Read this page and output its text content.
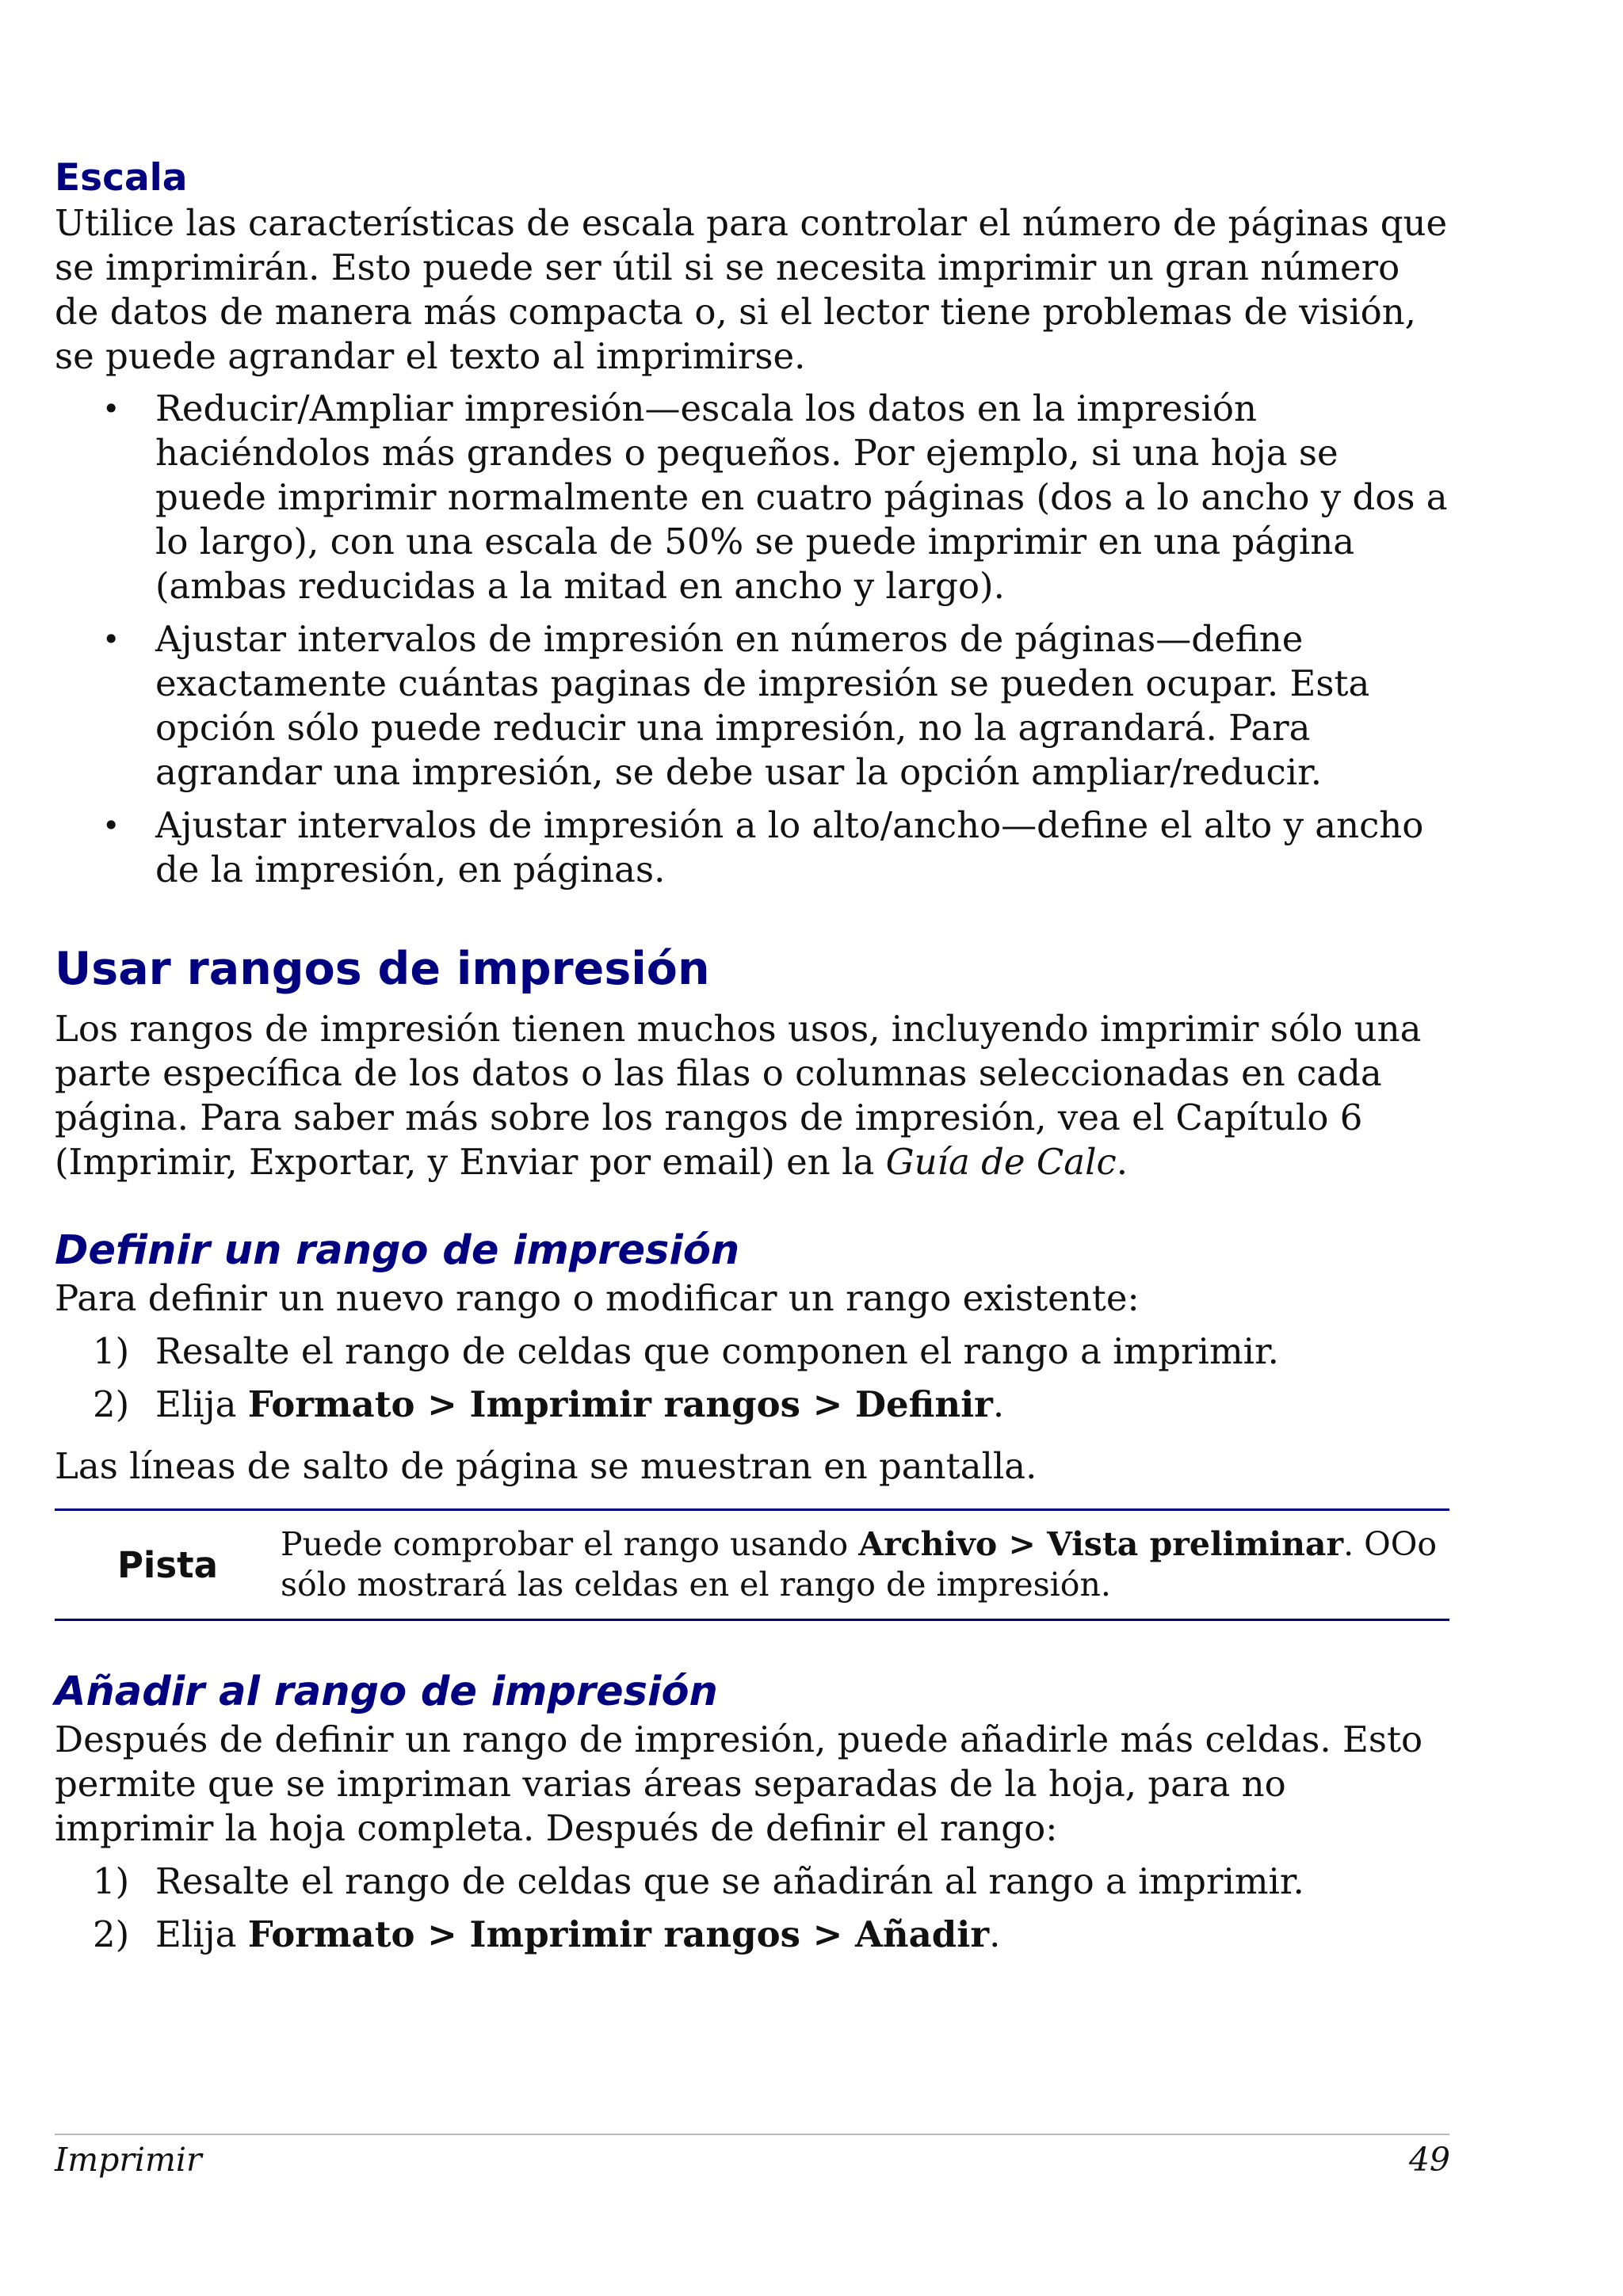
Escala

Utilice las características de escala para controlar el número de páginas que se imprimirán. Esto puede ser útil si se necesita imprimir un gran número de datos de manera más compacta o, si el lector tiene problemas de visión, se puede agrandar el texto al imprimirse.

• Reducir/Ampliar impresión—escala los datos en la impresión haciéndolos más grandes o pequeños. Por ejemplo, si una hoja se puede imprimir normalmente en cuatro páginas (dos a lo ancho y dos a lo largo), con una escala de 50% se puede imprimir en una página (ambas reducidas a la mitad en ancho y largo).
• Ajustar intervalos de impresión en números de páginas—define exactamente cuántas paginas de impresión se pueden ocupar. Esta opción sólo puede reducir una impresión, no la agrandará. Para agrandar una impresión, se debe usar la opción ampliar/reducir.
• Ajustar intervalos de impresión a lo alto/ancho—define el alto y ancho de la impresión, en páginas.
Usar rangos de impresión

Los rangos de impresión tienen muchos usos, incluyendo imprimir sólo una parte específica de los datos o las filas o columnas seleccionadas en cada página. Para saber más sobre los rangos de impresión, vea el Capítulo 6 (Imprimir, Exportar, y Enviar por email) en la Guía de Calc.

Definir un rango de impresión

Para definir un nuevo rango o modificar un rango existente:

1) Resalte el rango de celdas que componen el rango a imprimir.
2) Elija Formato > Imprimir rangos > Definir.

Las líneas de salto de página se muestran en pantalla.

Pista	Puede comprobar el rango usando Archivo > Vista preliminar. OOo sólo mostrará las celdas en el rango de impresión.
Añadir al rango de impresión

Después de definir un rango de impresión, puede añadirle más celdas. Esto permite que se impriman varias áreas separadas de la hoja, para no imprimir la hoja completa. Después de definir el rango:

1) Resalte el rango de celdas que se añadirán al rango a imprimir.
2) Elija Formato > Imprimir rangos > Añadir.
Imprimir	49
